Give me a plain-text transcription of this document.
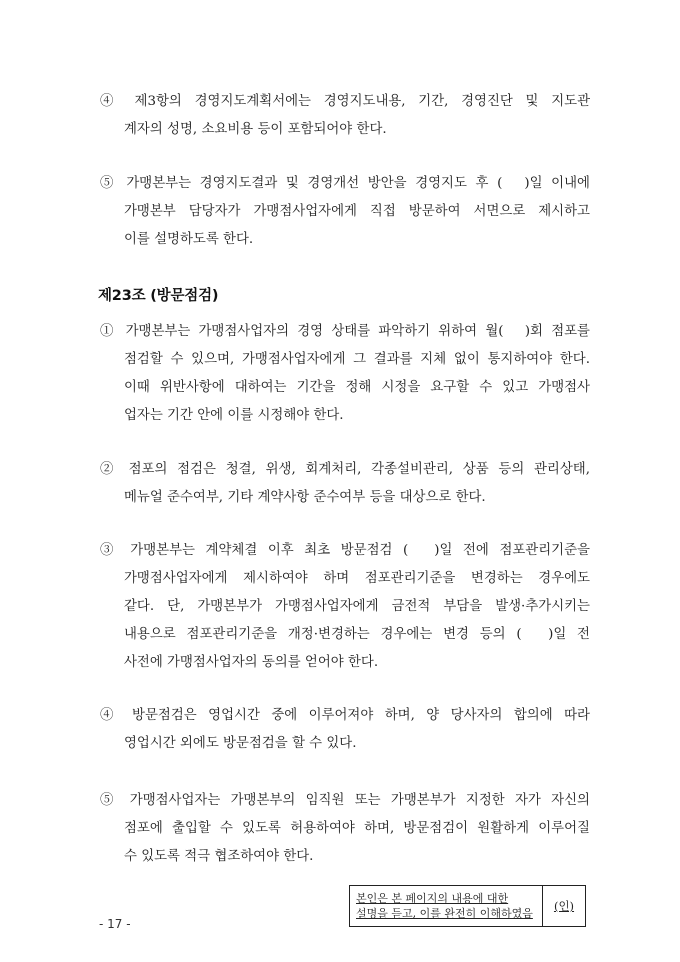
④ 제3항의 경영지도계획서에는 경영지도내용, 기간, 경영진단 및 지도관
계자의 성명, 소요비용 등이 포함되어야 한다.
⑤ 가맹본부는 경영지도결과 및 경영개선 방안을 경영지도 후 (　)일 이내에
가맹본부 담당자가 가맹점사업자에게 직접 방문하여 서면으로 제시하고
이를 설명하도록 한다.
제23조 (방문점검)
① 가맹본부는 가맹점사업자의 경영 상태를 파악하기 위하여 월(　)회 점포를
점검할 수 있으며, 가맹점사업자에게 그 결과를 지체 없이 통지하여야 한다.
이때 위반사항에 대하여는 기간을 정해 시정을 요구할 수 있고 가맹점사
업자는 기간 안에 이를 시정해야 한다.
② 점포의 점검은 청결, 위생, 회계처리, 각종설비관리, 상품 등의 관리상태,
메뉴얼 준수여부, 기타 계약사항 준수여부 등을 대상으로 한다.
③ 가맹본부는 계약체결 이후 최초 방문점검 (　)일 전에 점포관리기준을
가맹점사업자에게 제시하여야 하며 점포관리기준을 변경하는 경우에도
같다. 단, 가맹본부가 가맹점사업자에게 금전적 부담을 발생·추가시키는
내용으로 점포관리기준을 개정·변경하는 경우에는 변경 등의 (　)일 전
사전에 가맹점사업자의 동의를 얻어야 한다.
④ 방문점검은 영업시간 중에 이루어져야 하며, 양 당사자의 합의에 따라
영업시간 외에도 방문점검을 할 수 있다.
⑤ 가맹점사업자는 가맹본부의 임직원 또는 가맹본부가 지정한 자가 자신의
점포에 출입할 수 있도록 허용하여야 하며, 방문점검이 원활하게 이루어질
수 있도록 적극 협조하여야 한다.
본인은 본 페이지의 내용에 대한
설명을 듣고, 이를 완전히 이해하였음
(인)
- 17 -
